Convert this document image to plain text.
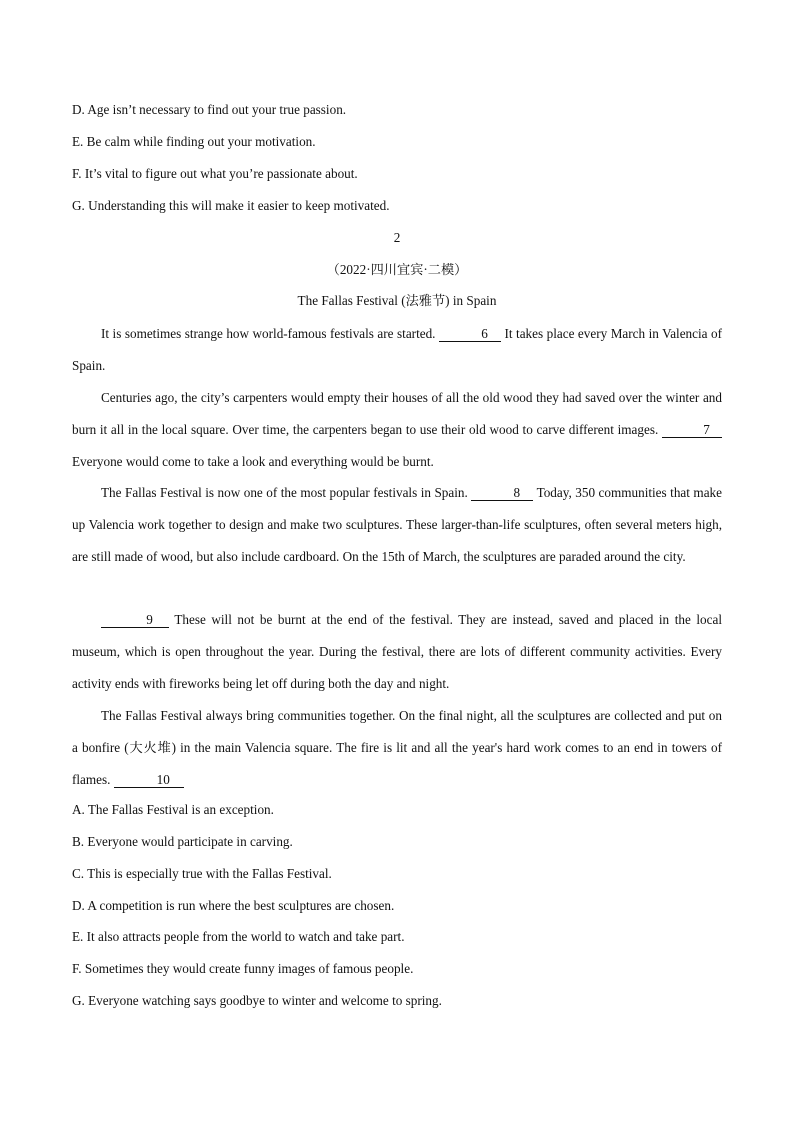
D. Age isn’t necessary to find out your true passion.
E. Be calm while finding out your motivation.
F. It’s vital to figure out what you’re passionate about.
G. Understanding this will make it easier to keep motivated.
2
（2022·四川宜宾·二模）
The Fallas Festival (法雅节) in Spain
It is sometimes strange how world-famous festivals are started.	6 It takes place every March in Valencia of Spain.
Centuries ago, the city’s carpenters would empty their houses of all the old wood they had saved over the winter and burn it all in the local square. Over time, the carpenters began to use their old wood to carve different images.	7 Everyone would come to take a look and everything would be burnt.
The Fallas Festival is now one of the most popular festivals in Spain.	8 Today, 350 communities that make up Valencia work together to design and make two sculptures. These larger-than-life sculptures, often several meters high, are still made of wood, but also include cardboard. On the 15th of March, the sculptures are paraded around the city.
9 These will not be burnt at the end of the festival. They are instead, saved and placed in the local museum, which is open throughout the year. During the festival, there are lots of different community activities. Every activity ends with fireworks being let off during both the day and night.
The Fallas Festival always bring communities together. On the final night, all the sculptures are collected and put on a bonfire (大火堆) in the main Valencia square. The fire is lit and all the year's hard work comes to an end in towers of flames.	10
A. The Fallas Festival is an exception.
B. Everyone would participate in carving.
C. This is especially true with the Fallas Festival.
D. A competition is run where the best sculptures are chosen.
E. It also attracts people from the world to watch and take part.
F. Sometimes they would create funny images of famous people.
G. Everyone watching says goodbye to winter and welcome to spring.
